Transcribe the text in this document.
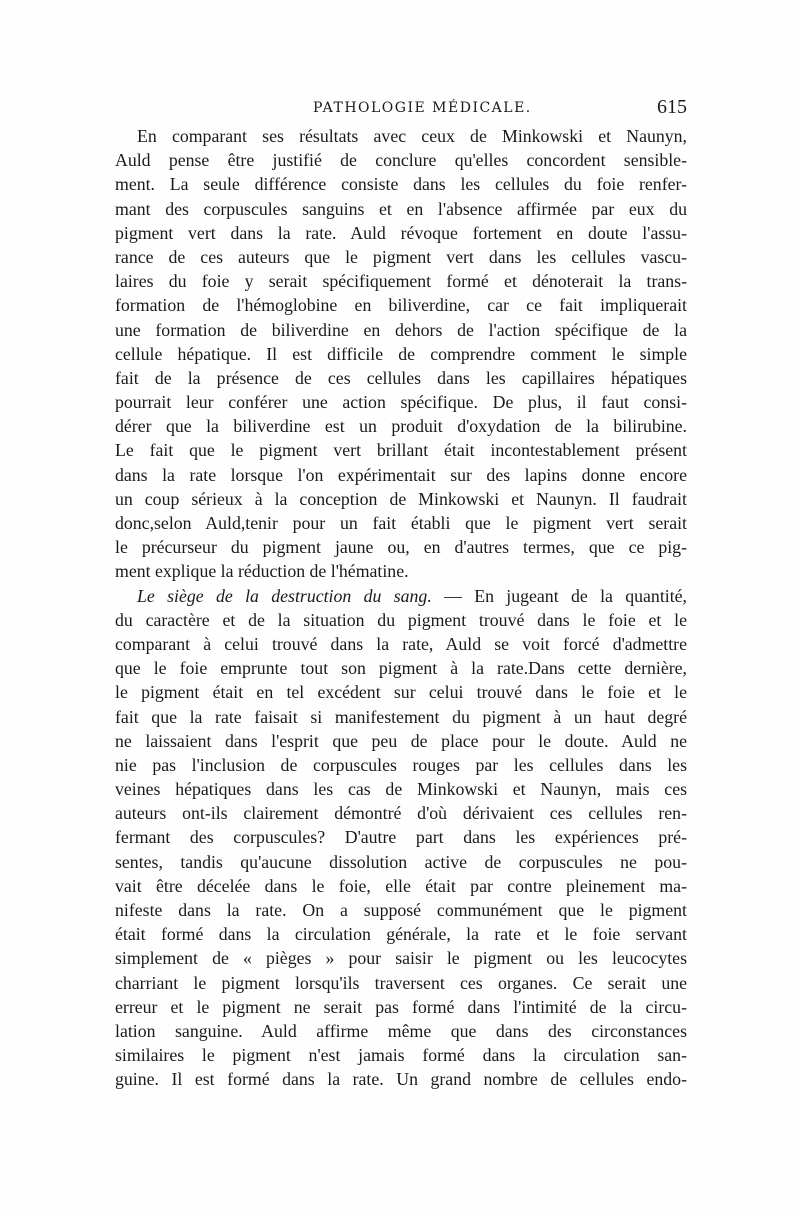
PATHOLOGIE MÉDICALE.	615
En comparant ses résultats avec ceux de Minkowski et Naunyn,
Auld pense être justifié de conclure qu'elles concordent sensible-
ment. La seule différence consiste dans les cellules du foie renfer-
mant des corpuscules sanguins et en l'absence affirmée par eux du
pigment vert dans la rate. Auld révoque fortement en doute l'assu-
rance de ces auteurs que le pigment vert dans les cellules vascu-
laires du foie y serait spécifiquement formé et dénoterait la trans-
formation de l'hémoglobine en biliverdine, car ce fait impliquerait
une formation de biliverdine en dehors de l'action spécifique de la
cellule hépatique. Il est difficile de comprendre comment le simple
fait de la présence de ces cellules dans les capillaires hépatiques
pourrait leur conférer une action spécifique. De plus, il faut consi-
dérer que la biliverdine est un produit d'oxydation de la bilirubine.
Le fait que le pigment vert brillant était incontestablement présent
dans la rate lorsque l'on expérimentait sur des lapins donne encore
un coup sérieux à la conception de Minkowski et Naunyn. Il faudrait
donc,selon Auld,tenir pour un fait établi que le pigment vert serait
le précurseur du pigment jaune ou, en d'autres termes, que ce pig-
ment explique la réduction de l'hématine.
Le siège de la destruction du sang. — En jugeant de la quantité,
du caractère et de la situation du pigment trouvé dans le foie et le
comparant à celui trouvé dans la rate, Auld se voit forcé d'admettre
que le foie emprunte tout son pigment à la rate.Dans cette dernière,
le pigment était en tel excédent sur celui trouvé dans le foie et le
fait que la rate faisait si manifestement du pigment à un haut degré
ne laissaient dans l'esprit que peu de place pour le doute. Auld ne
nie pas l'inclusion de corpuscules rouges par les cellules dans les
veines hépatiques dans les cas de Minkowski et Naunyn, mais ces
auteurs ont-ils clairement démontré d'où dérivaient ces cellules ren-
fermant des corpuscules? D'autre part dans les expériences pré-
sentes, tandis qu'aucune dissolution active de corpuscules ne pou-
vait être décelée dans le foie, elle était par contre pleinement ma-
nifeste dans la rate. On a supposé communément que le pigment
était formé dans la circulation générale, la rate et le foie servant
simplement de « pièges » pour saisir le pigment ou les leucocytes
charriant le pigment lorsqu'ils traversent ces organes. Ce serait une
erreur et le pigment ne serait pas formé dans l'intimité de la circu-
lation sanguine. Auld affirme même que dans des circonstances
similaires le pigment n'est jamais formé dans la circulation san-
guine. Il est formé dans la rate. Un grand nombre de cellules endo-
